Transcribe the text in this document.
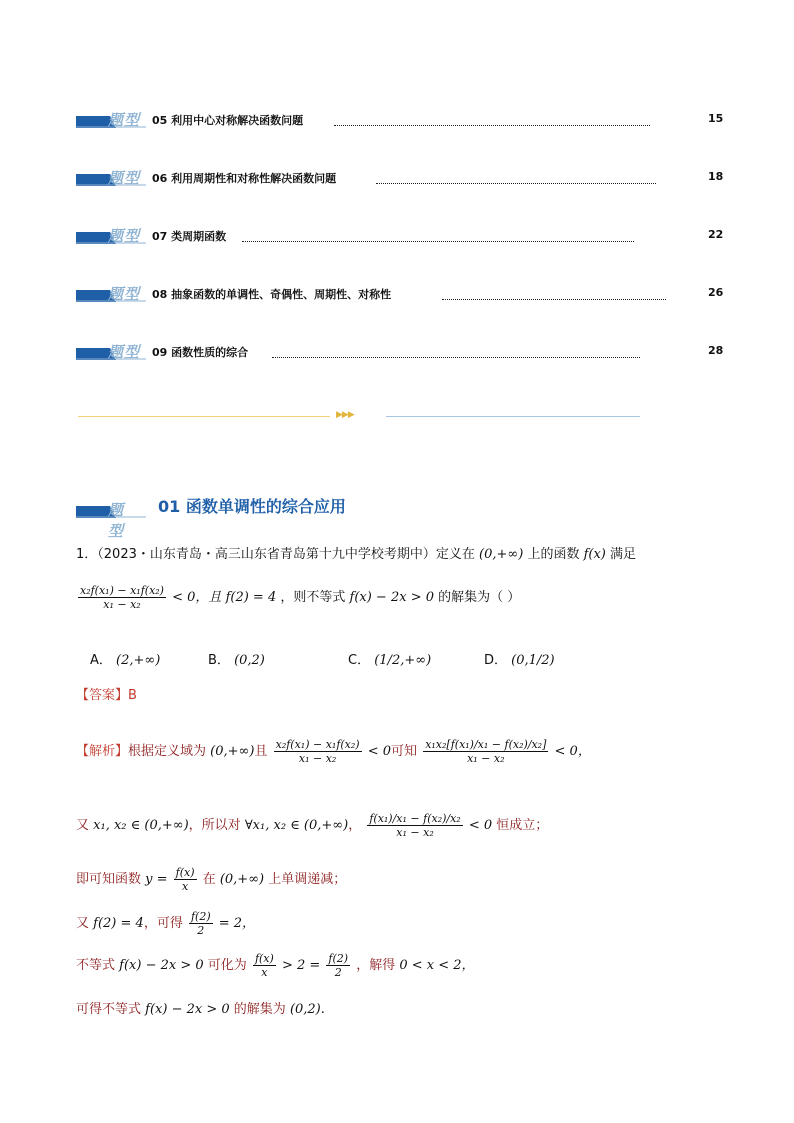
题型 05 利用中心对称解决函数问题	15
题型 06 利用周期性和对称性解决函数问题	18
题型 07 类周期函数	22
题型 08 抽象函数的单调性、奇偶性、周期性、对称性	26
题型 09 函数性质的综合	28
▶▶▶
题型
01 函数单调性的综合应用
1．（2023・山东青岛・高三山东省青岛第十九中学校考期中）定义在 (0,+∞) 上的函数 f(x) 满足
$\frac{\text{x₂f(x₁) − x₁f(x₂)}}{\text{x₁ − x₂}} < 0$，且 f(2) = 4 ，则不等式 f(x) − 2x > 0 的解集为（ ）
A． (2,+∞)	B． (0,2)	C． (1/2,+∞)	D． (0,1/2)
【答案】B
【解析】根据定义域为 (0,+∞)且 $\frac{\text{x₂f(x₁) − x₁f(x₂)}}{\text{x₁ − x₂}} < 0$可知 $\frac{\text{x₁x₂[f(x₁)/x₁ − f(x₂)/x₂]}}{\text{x₁ − x₂}} < 0$，
又 x₁, x₂ ∈ (0,+∞)，所以对 ∀x₁, x₂ ∈ (0,+∞)， $\frac{\text{f(x₁)/x₁ − f(x₂)/x₂}}{\text{x₁ − x₂}} < 0$ 恒成立；
即可知函数 $y = \frac{f(x)}{x}$ 在 (0,+∞) 上单调递减；
又 f(2) = 4，可得 $\frac{f(2)}{2} = 2$，
不等式 f(x) − 2x > 0 可化为 $\frac{f(x)}{x} > 2 = \frac{f(2)}{2}$ ，解得 0 < x < 2，
可得不等式 f(x) − 2x > 0 的解集为 (0,2).
